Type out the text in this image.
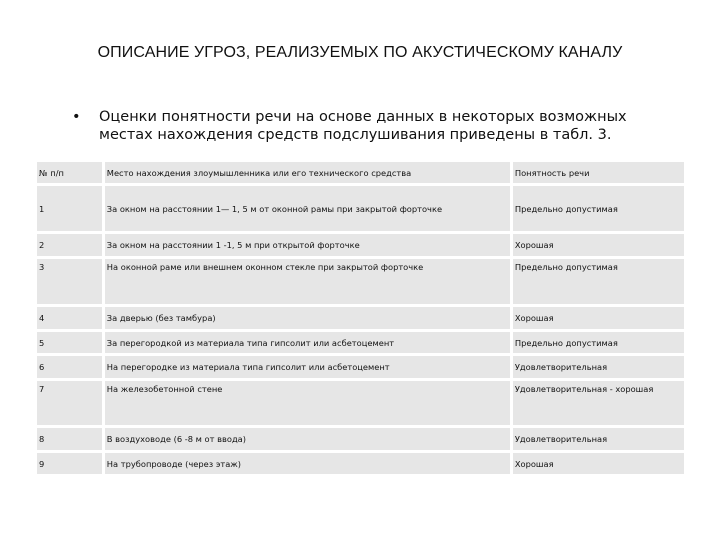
ОПИСАНИЕ УГРОЗ, РЕАЛИЗУЕМЫХ ПО АКУСТИЧЕСКОМУ КАНАЛУ
• Оценки понятности речи на основе данных в некоторых возможных местах нахождения средств подслушивания приведены в табл. 3.
№ п/п	Место нахождения злоумышленника или его технического средства	Понятность речи
1	За окном на расстоянии 1— 1, 5 м от оконной рамы при закрытой форточке	Предельно допустимая
2	За окном на расстоянии 1 -1, 5 м при открытой форточке	Хорошая
3	На оконной раме или внешнем оконном стекле при закрытой форточке	Предельно допустимая
4	За дверью (без тамбура)	Хорошая
5	За перегородкой из материала типа гипсолит или асбетоцемент	Предельно допустимая
6	На перегородке из материала типа гипсолит или асбетоцемент	Удовлетворительная
7	На железобетонной стене	Удовлетворительная - хорошая
8	В воздуховоде (6 -8 м от ввода)	Удовлетворительная
9	На трубопроводе (через этаж)	Хорошая
